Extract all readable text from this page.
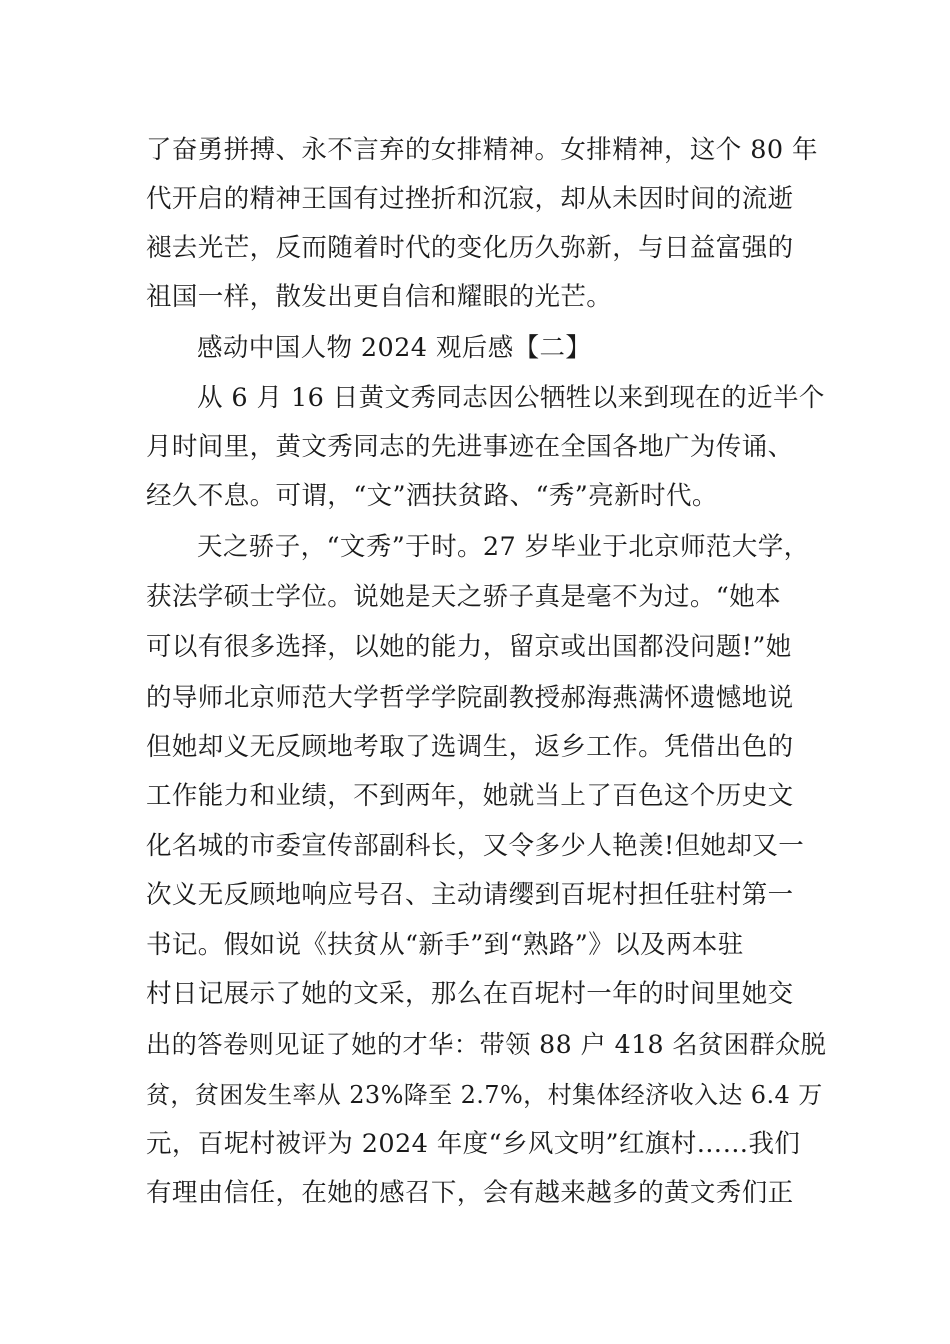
了奋勇拼搏、永不言弃的女排精神。女排精神，这个 80 年
代开启的精神王国有过挫折和沉寂，却从未因时间的流逝
褪去光芒，反而随着时代的变化历久弥新，与日益富强的
祖国一样，散发出更自信和耀眼的光芒。
感动中国人物 2024 观后感【二】
从 6 月 16 日黄文秀同志因公牺牲以来到现在的近半个
月时间里，黄文秀同志的先进事迹在全国各地广为传诵、
经久不息。可谓，“文”洒扶贫路、“秀”亮新时代。
天之骄子，“文秀”于时。27 岁毕业于北京师范大学，
获法学硕士学位。说她是天之骄子真是毫不为过。“她本
可以有很多选择，以她的能力，留京或出国都没问题!”她
的导师北京师范大学哲学学院副教授郝海燕满怀遗憾地说
但她却义无反顾地考取了选调生，返乡工作。凭借出色的
工作能力和业绩，不到两年，她就当上了百色这个历史文
化名城的市委宣传部副科长，又令多少人艳羡!但她却又一
次义无反顾地响应号召、主动请缨到百坭村担任驻村第一
书记。假如说《扶贫从“新手”到“熟路”》以及两本驻
村日记展示了她的文采，那么在百坭村一年的时间里她交
出的答卷则见证了她的才华：带领 88 户 418 名贫困群众脱
贫，贫困发生率从 23%降至 2.7%，村集体经济收入达 6.4 万
元，百坭村被评为 2024 年度“乡风文明”红旗村……我们
有理由信任，在她的感召下，会有越来越多的黄文秀们正
